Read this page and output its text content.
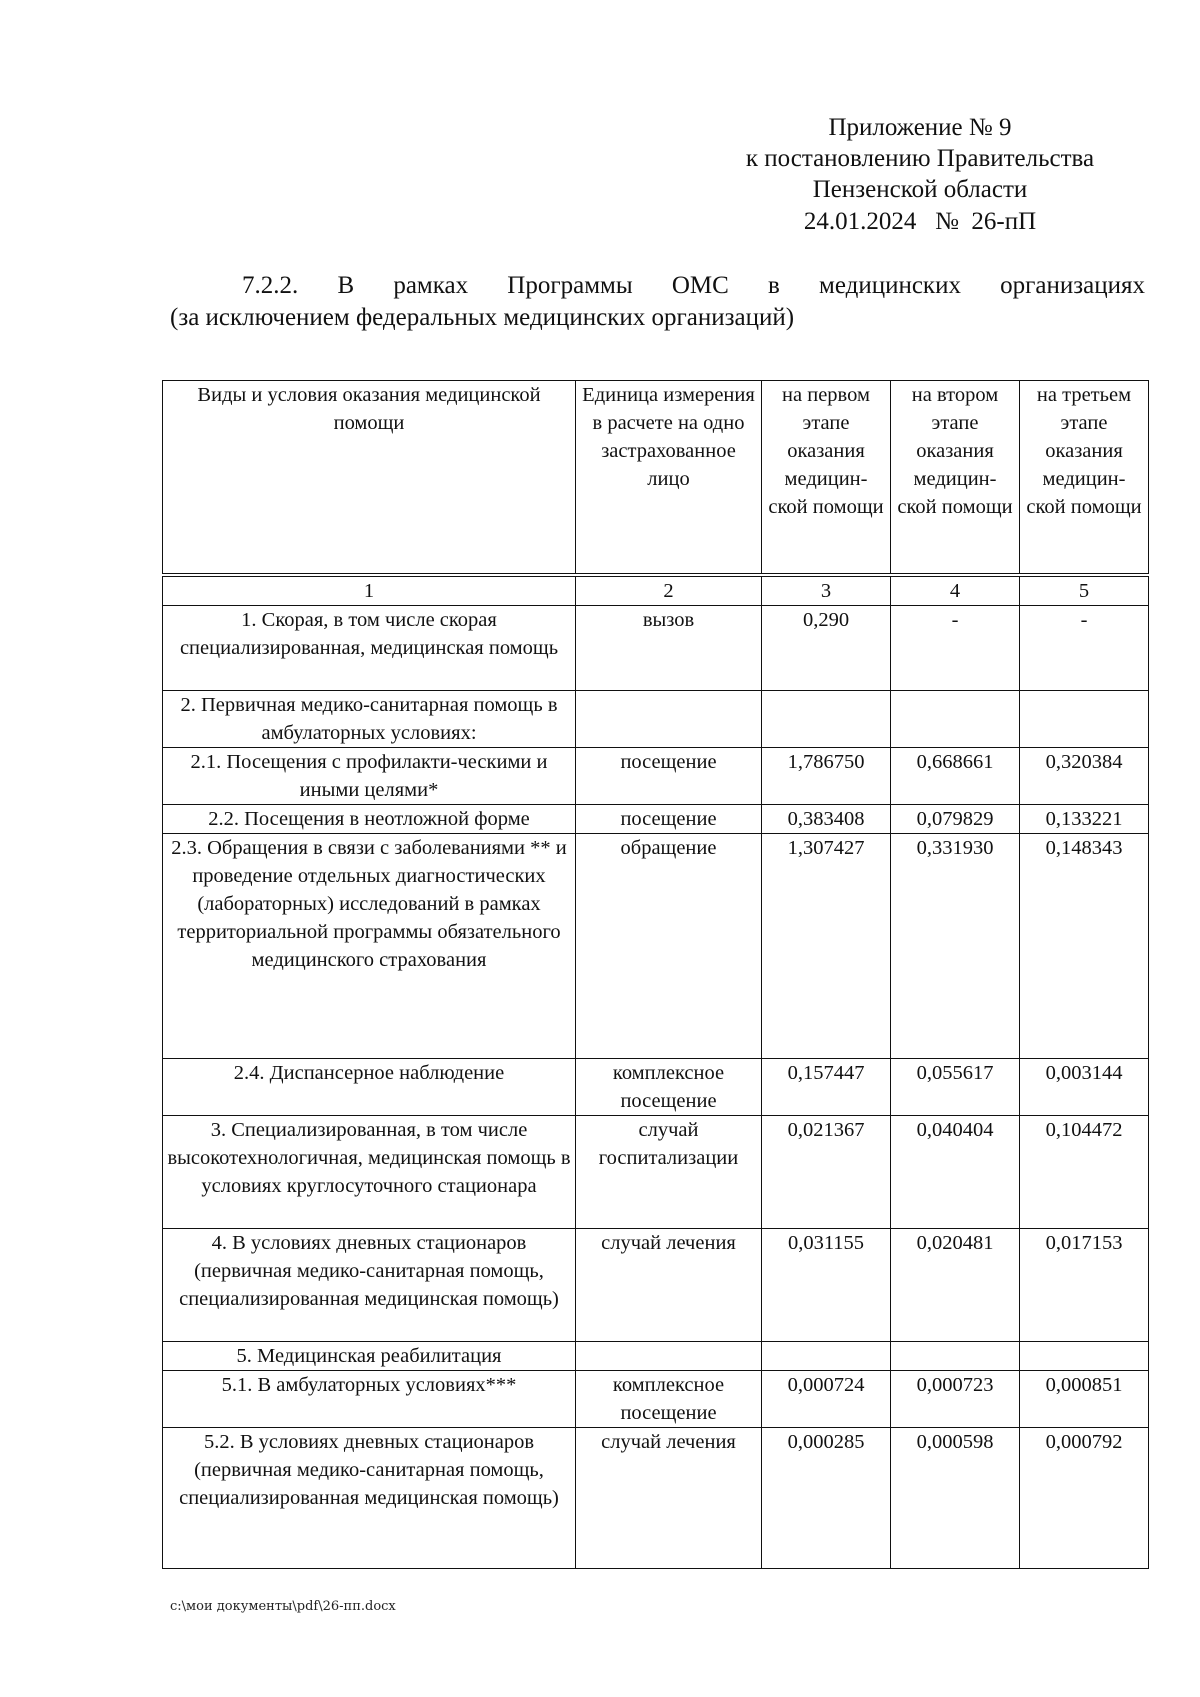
Приложение № 9
к постановлению Правительства
Пензенской области
24.01.2024   №  26-пП
7.2.2. В рамках Программы ОМС в медицинских организациях
(за исключением федеральных медицинских организаций)
Виды и условия оказания медицинской помощи	Единица измерения в расчете на одно застрахованное лицо	на первом этапе оказания медицин-ской помощи	на втором этапе оказания медицин-ской помощи	на третьем этапе оказания медицин-ской помощи

1	2	3	4	5
1. Скорая, в том числе скорая специализированная, медицинская помощь	вызов	0,290	-	-
2. Первичная медико-санитарная помощь в амбулаторных условиях:				
2.1. Посещения с профилакти-ческими и иными целями*	посещение	1,786750	0,668661	0,320384
2.2. Посещения в неотложной форме	посещение	0,383408	0,079829	0,133221
2.3. Обращения в связи с заболеваниями ** и проведение отдельных диагностических (лабораторных) исследований в рамках территориальной программы обязательного медицинского страхования	обращение	1,307427	0,331930	0,148343
2.4. Диспансерное наблюдение	комплексное посещение	0,157447	0,055617	0,003144
3. Специализированная, в том числе высокотехнологичная, медицинская помощь в условиях круглосуточного стационара	случай госпитализации	0,021367	0,040404	0,104472
4. В условиях дневных стационаров (первичная медико-санитарная помощь, специализированная медицинская помощь)	случай лечения	0,031155	0,020481	0,017153
5. Медицинская реабилитация				
5.1. В амбулаторных условиях***	комплексное посещение	0,000724	0,000723	0,000851
5.2. В условиях дневных стационаров (первичная медико-санитарная помощь, специализированная медицинская помощь)	случай лечения	0,000285	0,000598	0,000792
c:\мои документы\pdf\26-пп.docx
